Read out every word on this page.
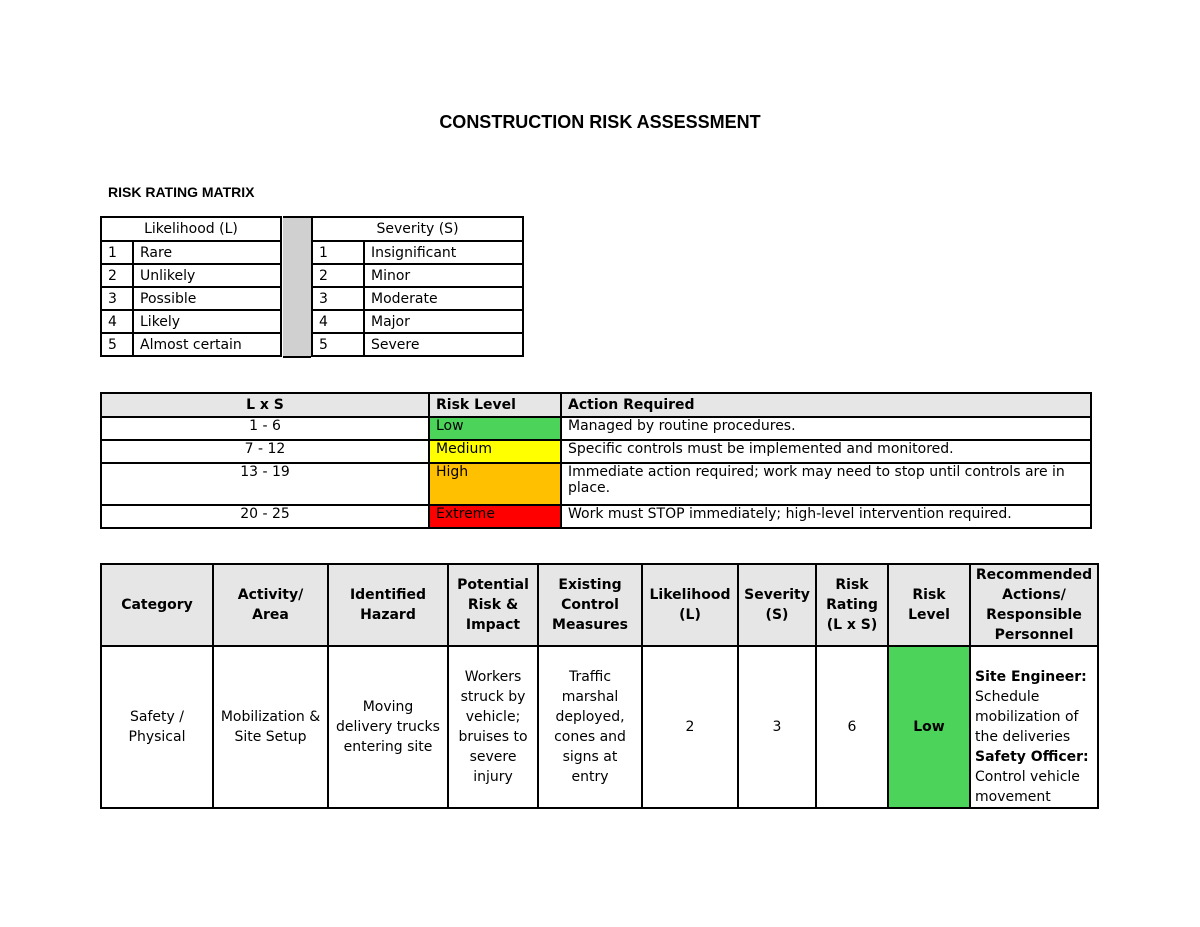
CONSTRUCTION RISK ASSESSMENT
RISK RATING MATRIX
Likelihood (L)	
1	Rare
2	Unlikely
3	Possible
4	Likely
5	Almost certain
Severity (S)	
1	Insignificant
2	Minor
3	Moderate
4	Major
5	Severe
L x S	Risk Level	Action Required
1 - 6	Low	Managed by routine procedures.
7 - 12	Medium	Specific controls must be implemented and monitored.
13 - 19	High	Immediate action required; work may need to stop until controls are in place.
20 - 25	Extreme	Work must STOP immediately; high-level intervention required.
Category	Activity/ Area	Identified Hazard	Potential Risk & Impact	Existing Control Measures	Likelihood (L)	Severity (S)	Risk Rating (L x S)	Risk Level	Recommended Actions/ Responsible Personnel
Safety / Physical	Mobilization & Site Setup	Moving delivery trucks entering site	Workers struck by vehicle; bruises to severe injury	Traffic marshal deployed, cones and signs at entry	2	3	6	Low	Site Engineer:
Schedule mobilization of the deliveries
Safety Officer:
Control vehicle movement
